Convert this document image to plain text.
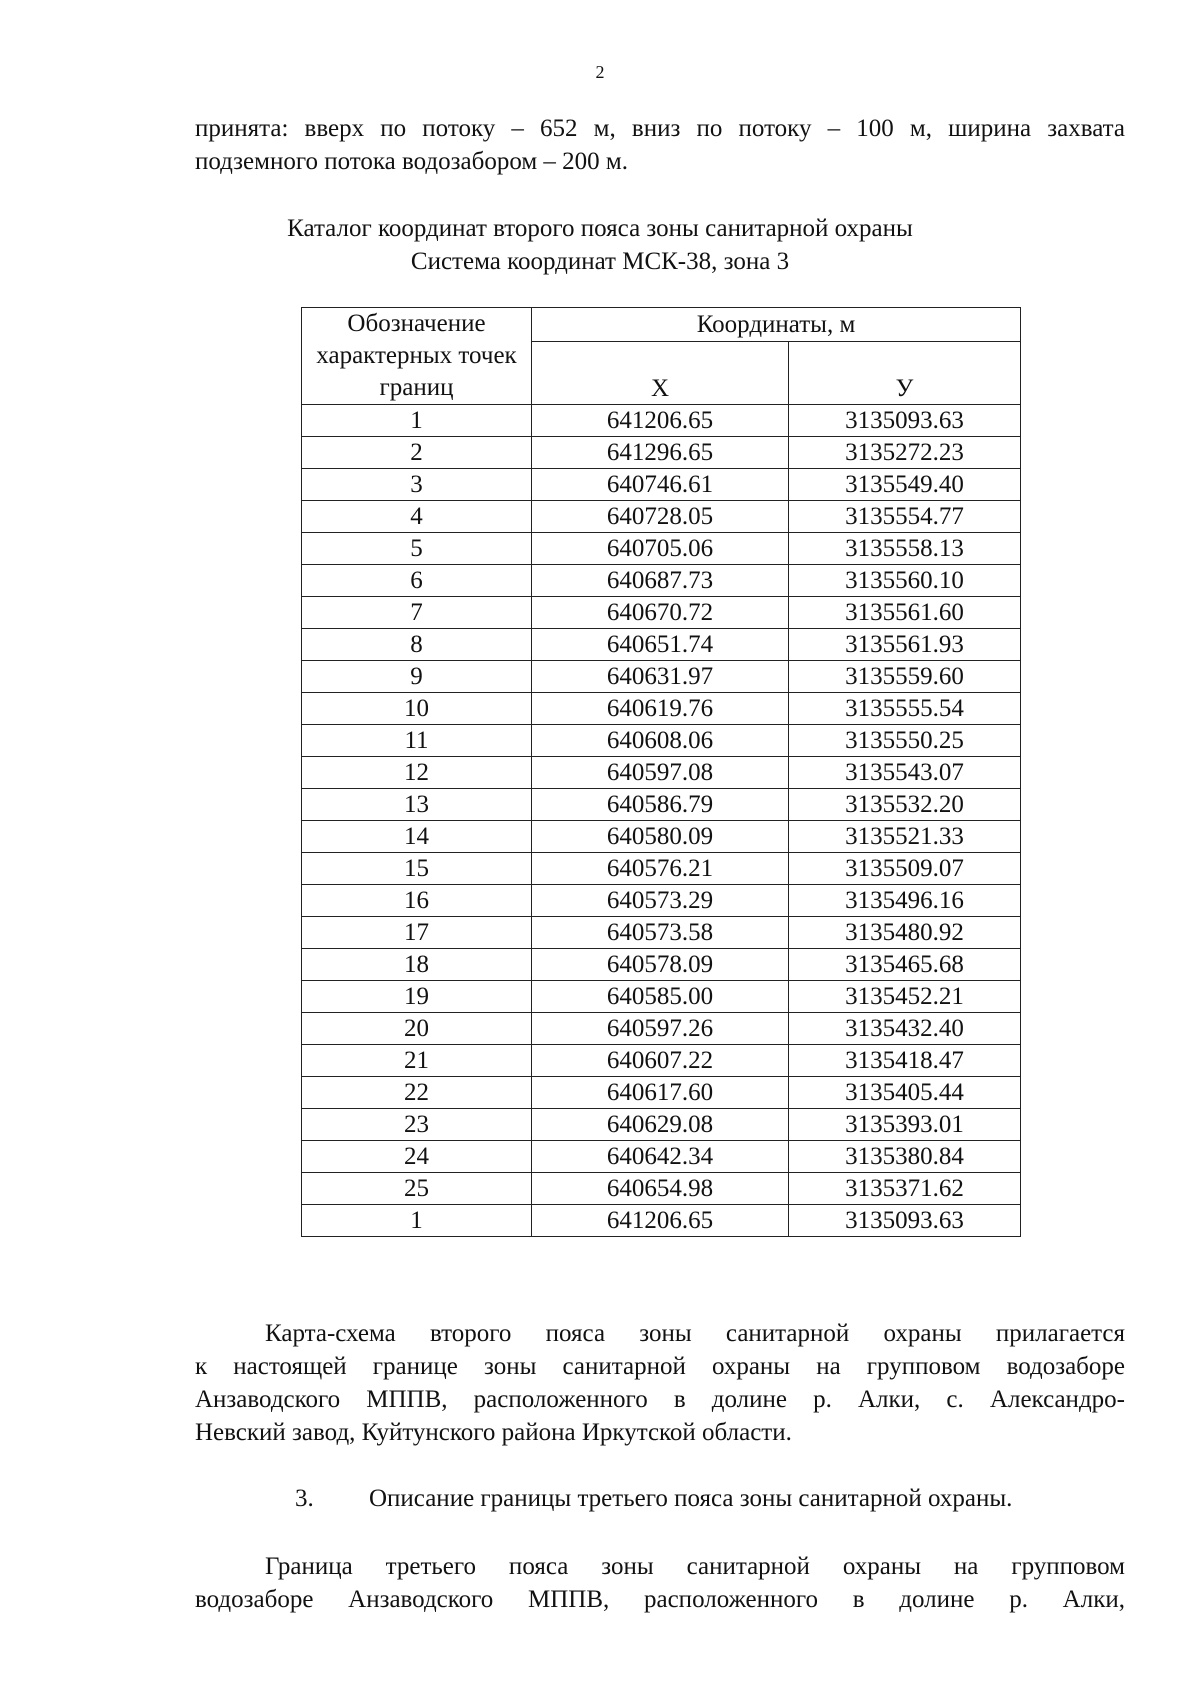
2
принята: вверх по потоку – 652 м, вниз по потоку – 100 м, ширина захвата
подземного потока водозабором – 200 м.
Каталог координат второго пояса зоны санитарной охраны
Система координат МСК-38, зона 3
Обозначение характерных точек границ	Координаты, м	
	X	У
1	641206.65	3135093.63
2	641296.65	3135272.23
3	640746.61	3135549.40
4	640728.05	3135554.77
5	640705.06	3135558.13
6	640687.73	3135560.10
7	640670.72	3135561.60
8	640651.74	3135561.93
9	640631.97	3135559.60
10	640619.76	3135555.54
11	640608.06	3135550.25
12	640597.08	3135543.07
13	640586.79	3135532.20
14	640580.09	3135521.33
15	640576.21	3135509.07
16	640573.29	3135496.16
17	640573.58	3135480.92
18	640578.09	3135465.68
19	640585.00	3135452.21
20	640597.26	3135432.40
21	640607.22	3135418.47
22	640617.60	3135405.44
23	640629.08	3135393.01
24	640642.34	3135380.84
25	640654.98	3135371.62
1	641206.65	3135093.63
Карта-схема второго пояса зоны санитарной охраны прилагается
к настоящей границе зоны санитарной охраны на групповом водозаборе
Анзаводского МППВ, расположенного в долине р. Алки, с. Александро-
Невский завод, Куйтунского района Иркутской области.
3. Описание границы третьего пояса зоны санитарной охраны.
Граница третьего пояса зоны санитарной охраны на групповом
водозаборе Анзаводского МППВ, расположенного в долине р. Алки,
